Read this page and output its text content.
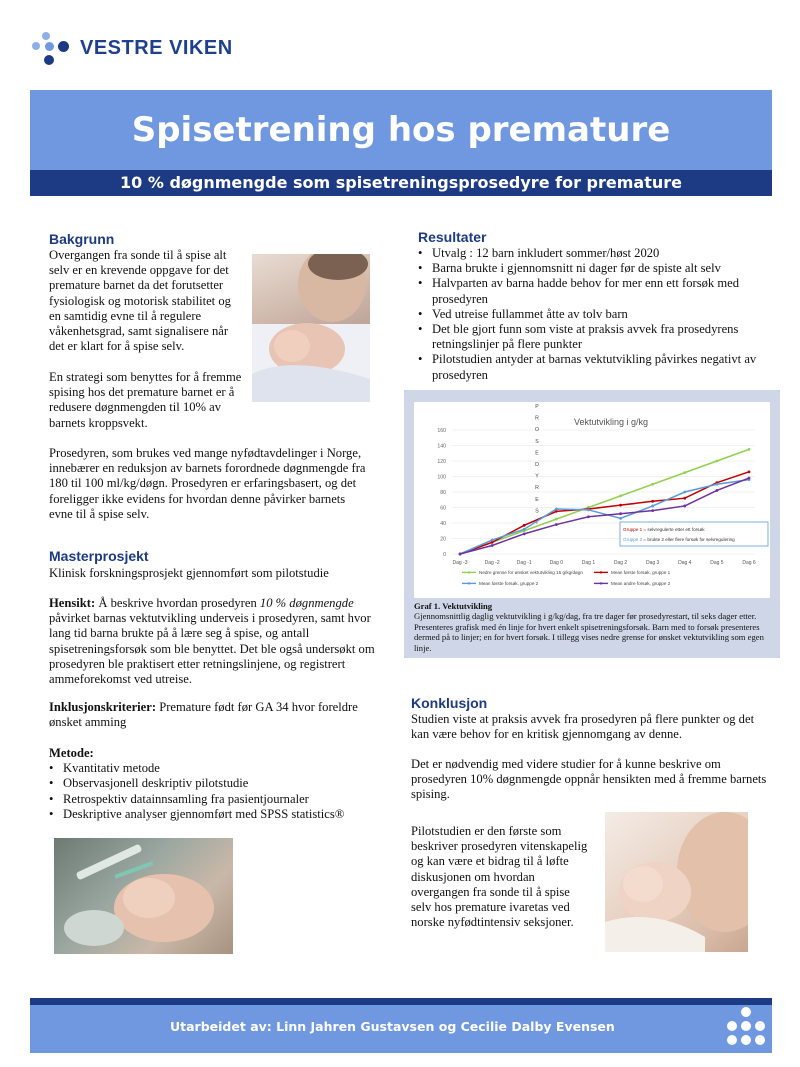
VESTRE VIKEN
Spisetrening hos premature
10 % døgnmengde som spisetreningsprosedyre for premature
Bakgrunn
Overgangen fra sonde til å spise alt selv er en krevende oppgave for det premature barnet da det forutsetter fysiologisk og motorisk stabilitet og en samtidig evne til å regulere våkenhetsgrad, samt signalisere når det er klart for å spise selv.
En strategi som benyttes for å fremme spising hos det premature barnet er å redusere døgnmengden til 10% av barnets kroppsvekt.
Prosedyren, som brukes ved mange nyfødtavdelinger i Norge, innebærer en reduksjon av barnets forordnede døgnmengde fra 180 til 100 ml/kg/døgn. Prosedyren er erfaringsbasert, og det foreligger ikke evidens for hvordan denne påvirker barnets evne til å spise selv.
Masterprosjekt
Klinisk forskningsprosjekt gjennomført som pilotstudie
Hensikt: Å beskrive hvordan prosedyren 10 % døgnmengde påvirket barnas vektutvikling underveis i prosedyren, samt hvor lang tid barna brukte på å lære seg å spise, og antall spisetreningsforsøk som ble benyttet. Det ble også undersøkt om prosedyren ble praktisert etter retningslinjene, og registrert ammeforekomst ved utreise.
Inklusjonskriterier: Premature født før GA 34 hvor foreldre ønsket amming
Metode:
• Kvantitativ metode
• Observasjonell deskriptiv pilotstudie
• Retrospektiv datainnsamling fra pasientjournaler
• Deskriptive analyser gjennomført med SPSS statistics®
Resultater
• Utvalg : 12 barn inkludert sommer/høst 2020
• Barna brukte i gjennomsnitt ni dager før de spiste alt selv
• Halvparten av barna hadde behov for mer enn ett forsøk med prosedyren
• Ved utreise fullammet åtte av tolv barn
• Det ble gjort funn som viste at praksis avvek fra prosedyrens retningslinjer på flere punkter
• Pilotstudien antyder at barnas vektutvikling påvirkes negativt av prosedyren
0
20
40
60
80
100
120
140
160
Dag -3	Dag -2	Dag -1	Dag 0	Dag 1	Dag 2	Dag 3	Dag 4	Dag 5	Dag 6
P
R
O
S
E
D
Y
R
E
S
T
Vektutvikling i g/kg
Gruppe 1 = selvregulerte etter ett forsøk
Gruppe 2 = brukte 2 eller flere forsøk for selvregulering
Nedre grense for ønsket vektutvikling 15 g/kg/døgn	Mean første forsøk, gruppe 1
Mean første forsøk, gruppe 2	Mean andre forsøk, gruppe 2
Graf 1. Vektutvikling
Gjennomsnittlig daglig vektutvikling i g/kg/dag, fra tre dager før prosedyrestart, til seks dager etter. Presenteres grafisk med én linje for hvert enkelt spisetreningsforsøk. Barn med to forsøk presenteres dermed på to linjer; en for hvert forsøk. I tillegg vises nedre grense for ønsket vektutvikling som egen linje.
Konklusjon
Studien viste at praksis avvek fra prosedyren på flere punkter og det kan være behov for en kritisk gjennomgang av denne.
Det er nødvendig med videre studier for å kunne beskrive om prosedyren 10% døgnmengde oppnår hensikten med å fremme barnets spising.
Pilotstudien er den første som beskriver prosedyren vitenskapelig og kan være et bidrag til å løfte diskusjonen om hvordan overgangen fra sonde til å spise selv hos premature ivaretas ved norske nyfødtintensiv seksjoner.
Utarbeidet av: Linn Jahren Gustavsen og Cecilie Dalby Evensen
